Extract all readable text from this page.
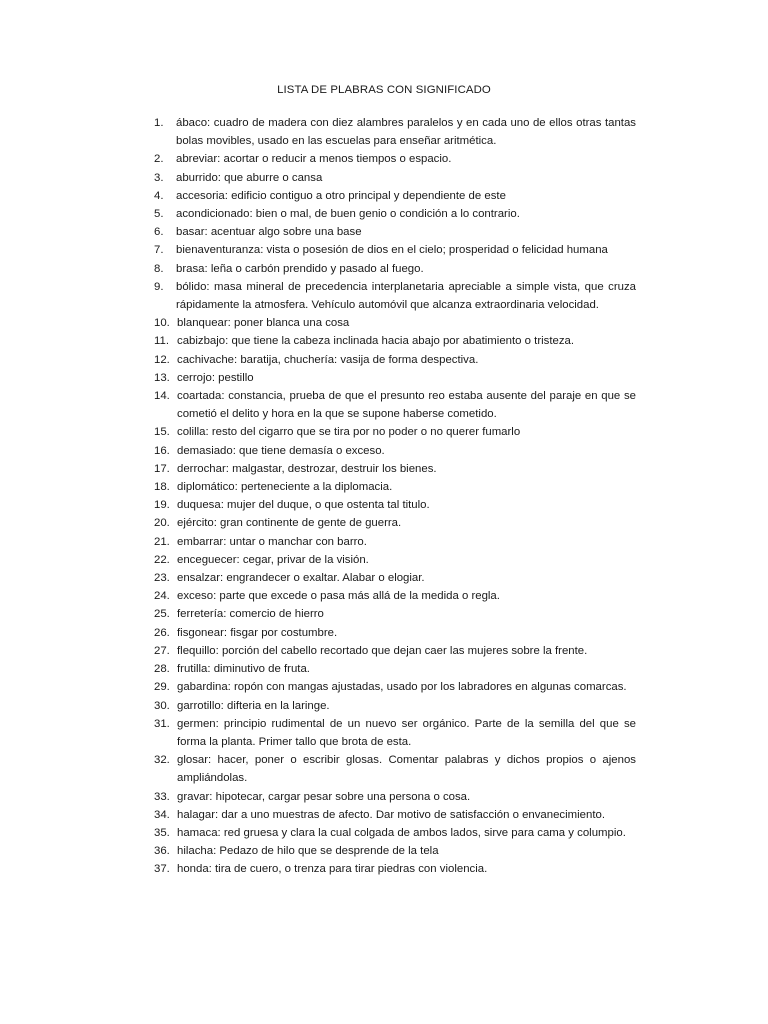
LISTA DE PLABRAS CON SIGNIFICADO
1.	ábaco: cuadro de madera con diez alambres paralelos y en cada uno de ellos otras tantas bolas movibles, usado en las escuelas para enseñar aritmética.
2.	abreviar: acortar o reducir a menos tiempos o espacio.
3.	aburrido: que aburre o cansa
4.	accesoria: edificio contiguo a otro principal y dependiente de este
5.	acondicionado: bien o mal, de buen genio o condición a lo contrario.
6.	basar: acentuar algo sobre una base
7.	bienaventuranza: vista o posesión de dios en el cielo; prosperidad o felicidad humana
8.	brasa: leña o carbón prendido y pasado al fuego.
9.	bólido: masa mineral de precedencia interplanetaria apreciable a simple vista, que cruza rápidamente la atmosfera. Vehículo automóvil que alcanza extraordinaria velocidad.
10. blanquear: poner blanca una cosa
11. cabizbajo: que tiene la cabeza inclinada hacia abajo por abatimiento o tristeza.
12. cachivache: baratija, chuchería: vasija de forma despectiva.
13. cerrojo: pestillo
14. coartada: constancia, prueba de que el presunto reo estaba ausente del paraje en que se cometió el delito y hora en la que se supone haberse cometido.
15. colilla: resto del cigarro que se tira por no poder o no querer fumarlo
16. demasiado: que tiene demasía o exceso.
17. derrochar: malgastar, destrozar, destruir los bienes.
18. diplomático: perteneciente a la diplomacia.
19. duquesa: mujer del duque, o que ostenta tal titulo.
20. ejército: gran continente de gente de guerra.
21. embarrar: untar o manchar con barro.
22. enceguecer: cegar, privar de la visión.
23. ensalzar: engrandecer o exaltar. Alabar o elogiar.
24. exceso: parte que excede o pasa más allá de la medida o regla.
25. ferretería: comercio de hierro
26. fisgonear: fisgar por costumbre.
27. flequillo: porción del cabello recortado que dejan caer las mujeres sobre la frente.
28. frutilla: diminutivo de fruta.
29. gabardina: ropón con mangas ajustadas, usado por los labradores en algunas comarcas.
30. garrotillo: difteria en la laringe.
31. germen: principio rudimental de un nuevo ser orgánico. Parte de la semilla del que se forma la planta. Primer tallo que brota de esta.
32. glosar: hacer, poner o escribir glosas. Comentar palabras y dichos propios o ajenos ampliándolas.
33. gravar: hipotecar, cargar pesar sobre una persona o cosa.
34. halagar: dar a uno muestras de afecto. Dar motivo de satisfacción o envanecimiento.
35. hamaca: red gruesa y clara la cual colgada de ambos lados, sirve para cama y columpio.
36. hilacha: Pedazo de hilo que se desprende de la tela
37. honda: tira de cuero, o trenza para tirar piedras con violencia.
